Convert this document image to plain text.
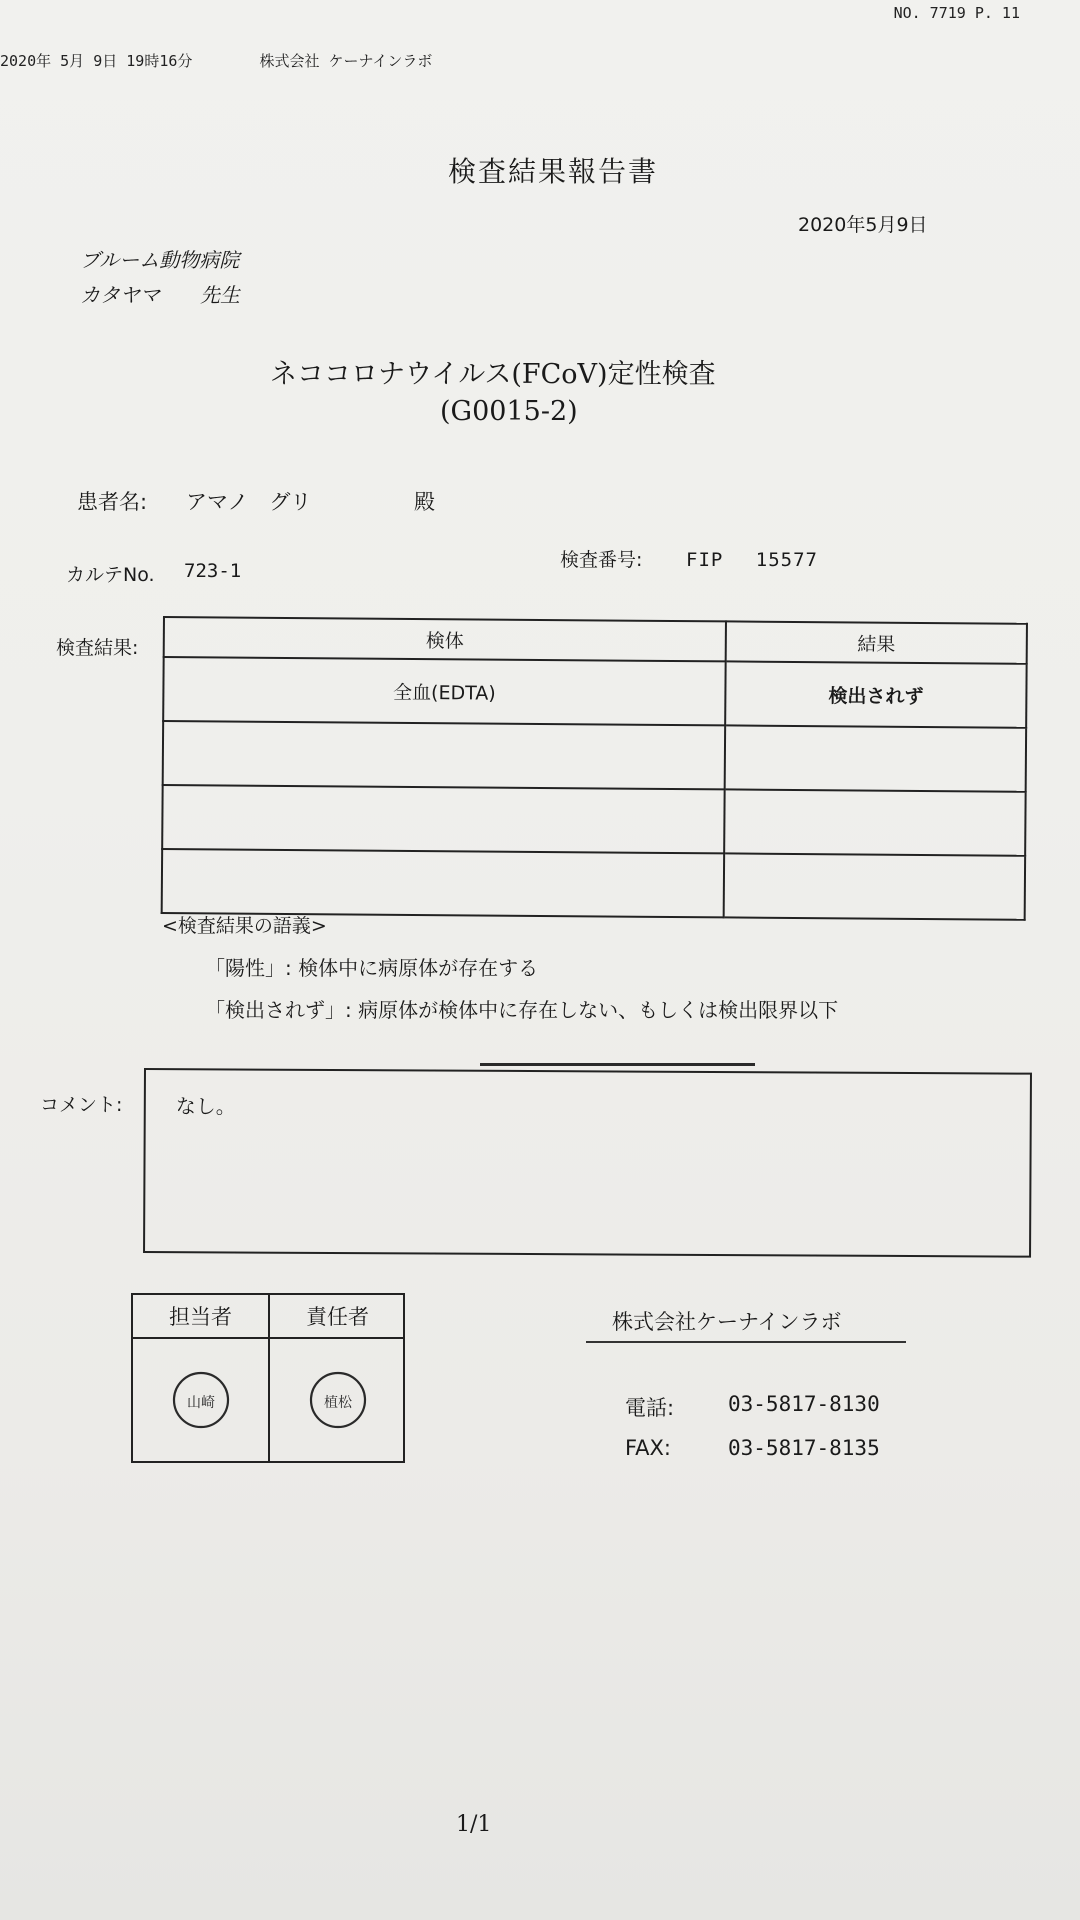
2020年 5月 9日 19時16分	株式会社 ケーナインラボ
NO. 7719 P. 11
検査結果報告書
2020年5月9日
ブルーム動物病院
カタヤマ　　先生
ネココロナウイルス(FCoV)定性検査
(G0015-2)
患者名: アマノ　グリ	殿
カルテNo. 723-1	検査番号: FIP　 15577
検査結果:	検体	結果
全血(EDTA)	検出されず

<検査結果の語義>
「陽性」: 検体中に病原体が存在する
「検出されず」: 病原体が検体中に存在しない、もしくは検出限界以下
コメント:	なし。
担当者	責任者
山崎	植松
株式会社ケーナインラボ
電話:	03-5817-8130
FAX:	03-5817-8135
1/1
